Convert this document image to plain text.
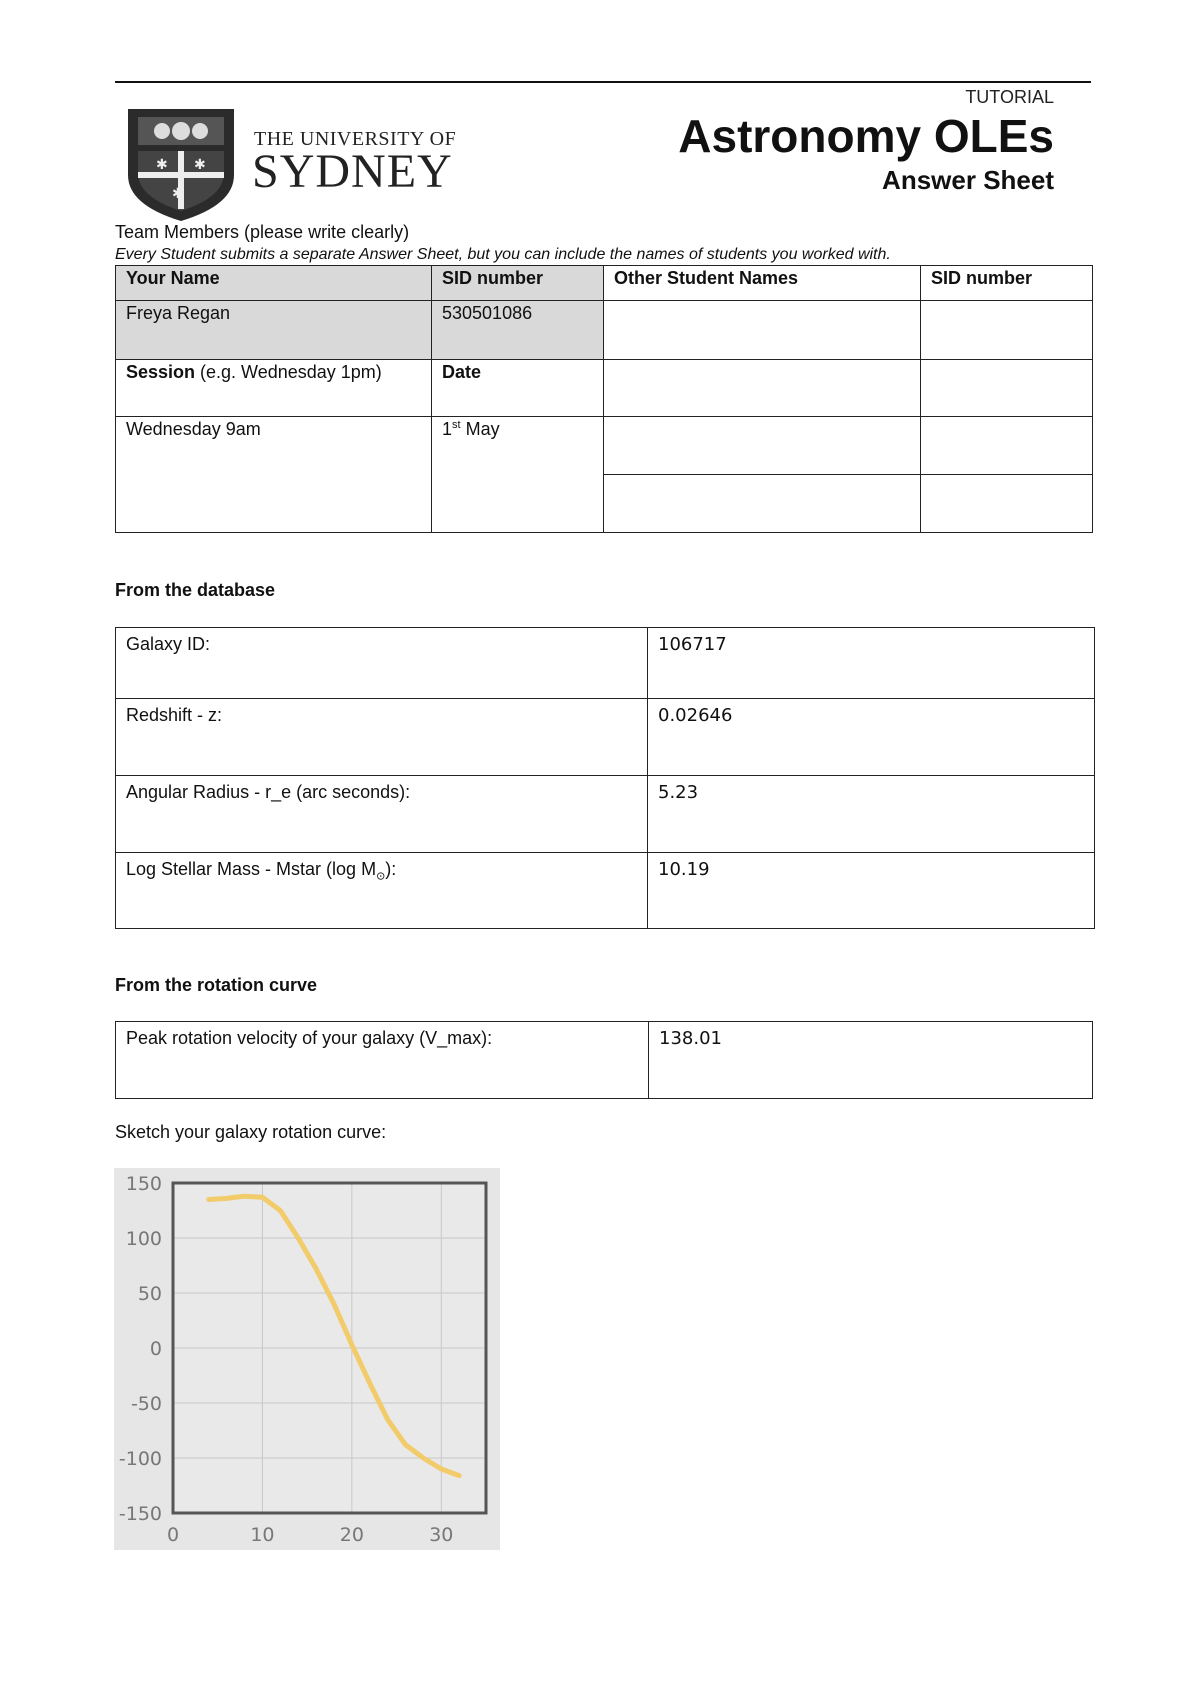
✱ ✱
✱
THE UNIVERSITY OF
SYDNEY
TUTORIAL
Astronomy OLEs
Answer Sheet
Team Members (please write clearly)
Every Student submits a separate Answer Sheet, but you can include the names of students you worked with.
Your Name	SID number	Other Student Names	SID number
Freya Regan	530501086		
Session (e.g. Wednesday 1pm)	Date		
Wednesday 9am	1st May		

From the database
Galaxy ID:	106717
Redshift - z:	0.02646
Angular Radius - r_e (arc seconds):	5.23
Log Stellar Mass - Mstar (log $M_⊙$):	10.19
From the rotation curve
Peak rotation velocity of your galaxy (V_max):	138.01
Sketch your galaxy rotation curve:
0	10	20	30
150
100
50
0
-50
-100
-150
